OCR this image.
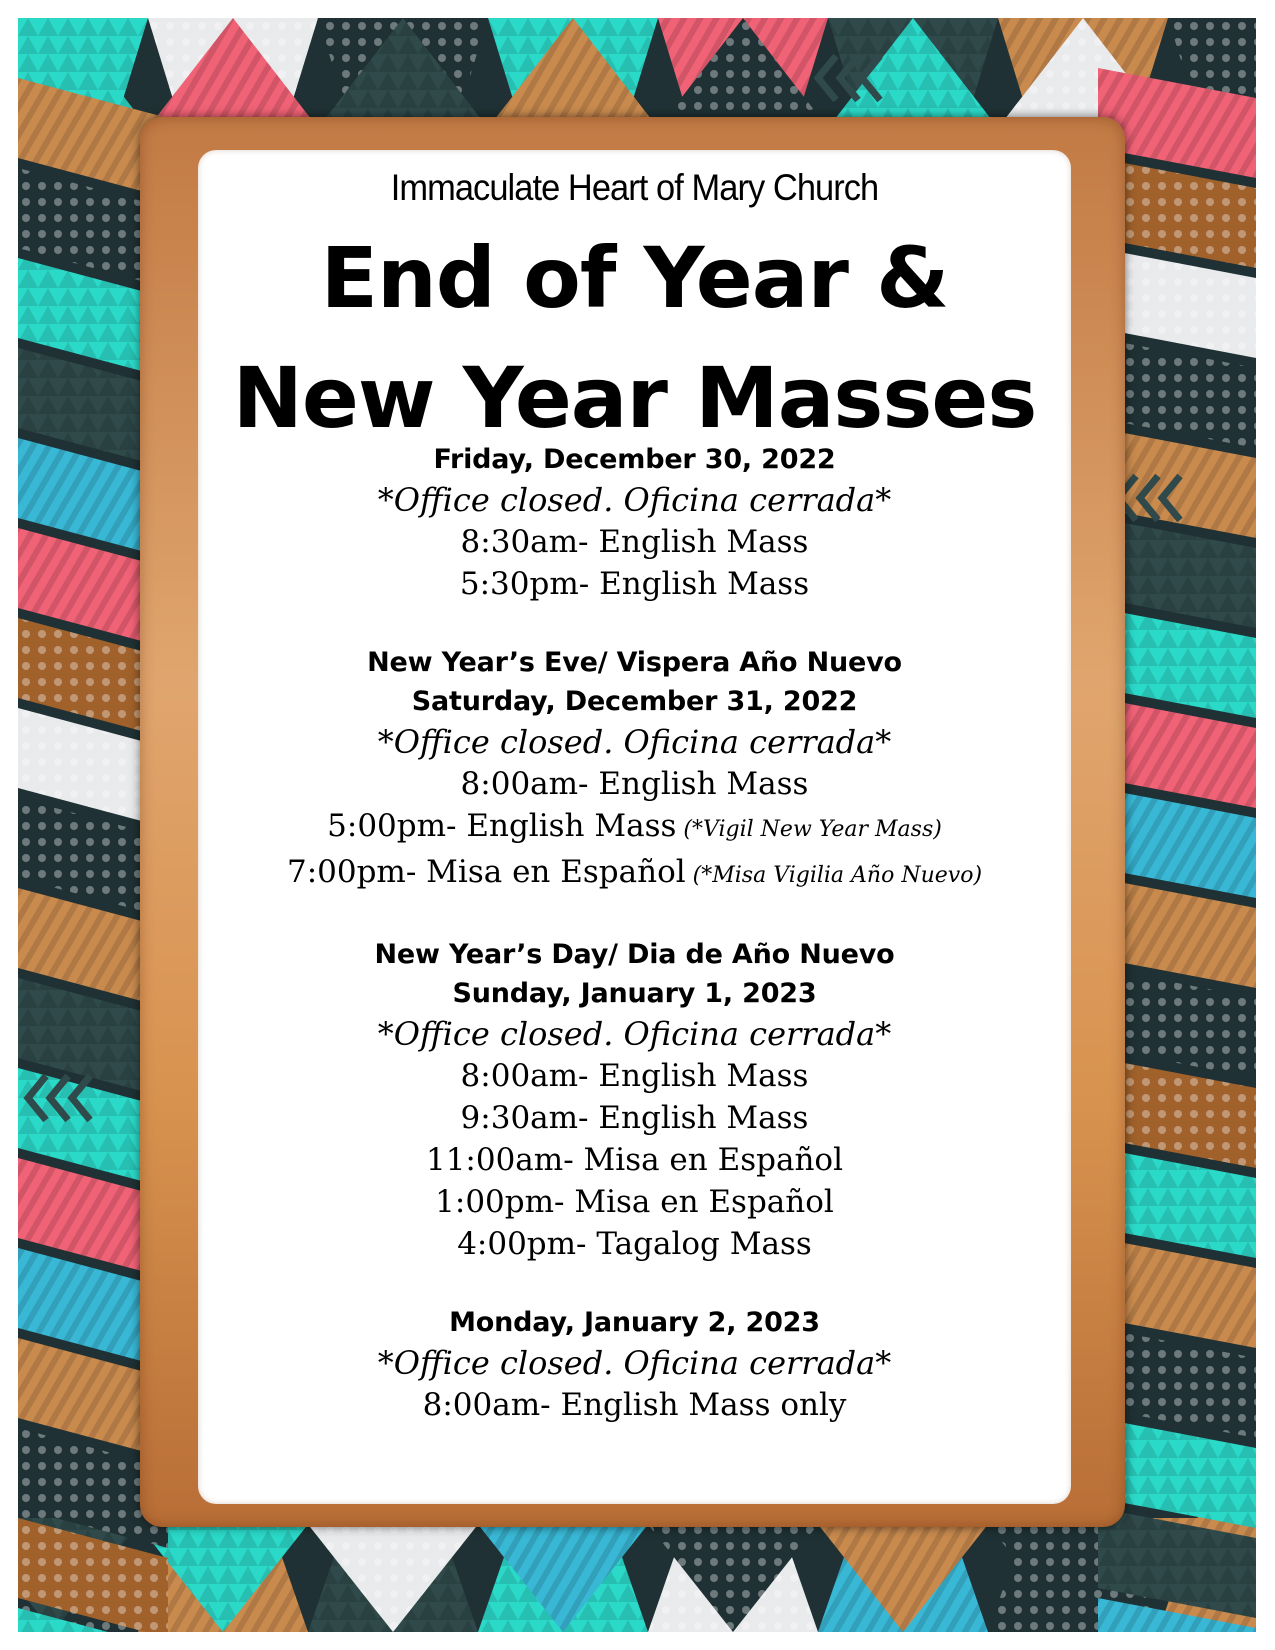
Immaculate Heart of Mary Church
End of Year &
New Year Masses
Friday, December 30, 2022
*Office closed. Oficina cerrada*
8:30am- English Mass
5:30pm- English Mass
New Year’s Eve/ Vispera Año Nuevo
Saturday, December 31, 2022
*Office closed. Oficina cerrada*
8:00am- English Mass
5:00pm- English Mass (*Vigil New Year Mass)
7:00pm- Misa en Español (*Misa Vigilia Año Nuevo)
New Year’s Day/ Dia de Año Nuevo
Sunday, January 1, 2023
*Office closed. Oficina cerrada*
8:00am- English Mass
9:30am- English Mass
11:00am- Misa en Español
1:00pm- Misa en Español
4:00pm- Tagalog Mass
Monday, January 2, 2023
*Office closed. Oficina cerrada*
8:00am- English Mass only
